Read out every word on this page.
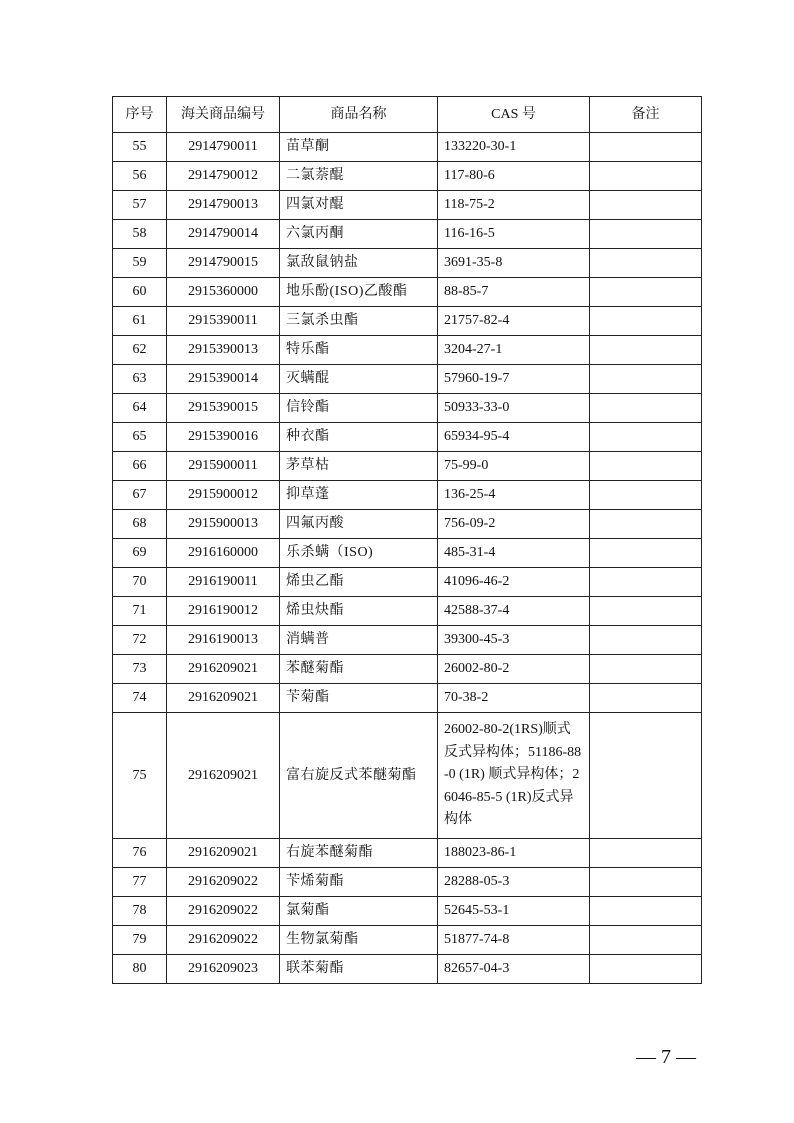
序号	海关商品编号	商品名称	CAS 号	备注
55	2914790011	苗草酮	133220-30-1	
56	2914790012	二氯萘醌	117-80-6	
57	2914790013	四氯对醌	118-75-2	
58	2914790014	六氯丙酮	116-16-5	
59	2914790015	氯敌鼠钠盐	3691-35-8	
60	2915360000	地乐酚(ISO)乙酸酯	88-85-7	
61	2915390011	三氯杀虫酯	21757-82-4	
62	2915390013	特乐酯	3204-27-1	
63	2915390014	灭螨醌	57960-19-7	
64	2915390015	信铃酯	50933-33-0	
65	2915390016	种衣酯	65934-95-4	
66	2915900011	茅草枯	75-99-0	
67	2915900012	抑草蓬	136-25-4	
68	2915900013	四氟丙酸	756-09-2	
69	2916160000	乐杀螨（ISO)	485-31-4	
70	2916190011	烯虫乙酯	41096-46-2	
71	2916190012	烯虫炔酯	42588-37-4	
72	2916190013	消螨普	39300-45-3	
73	2916209021	苯醚菊酯	26002-80-2	
74	2916209021	苄菊酯	70-38-2	
75	2916209021	富右旋反式苯醚菊酯	26002-80-2(1RS)顺式反式异构体；51186-88-0 (1R) 顺式异构体；26046-85-5 (1R)反式异构体	
76	2916209021	右旋苯醚菊酯	188023-86-1	
77	2916209022	苄烯菊酯	28288-05-3	
78	2916209022	氯菊酯	52645-53-1	
79	2916209022	生物氯菊酯	51877-74-8	
80	2916209023	联苯菊酯	82657-04-3	
— 7 —
